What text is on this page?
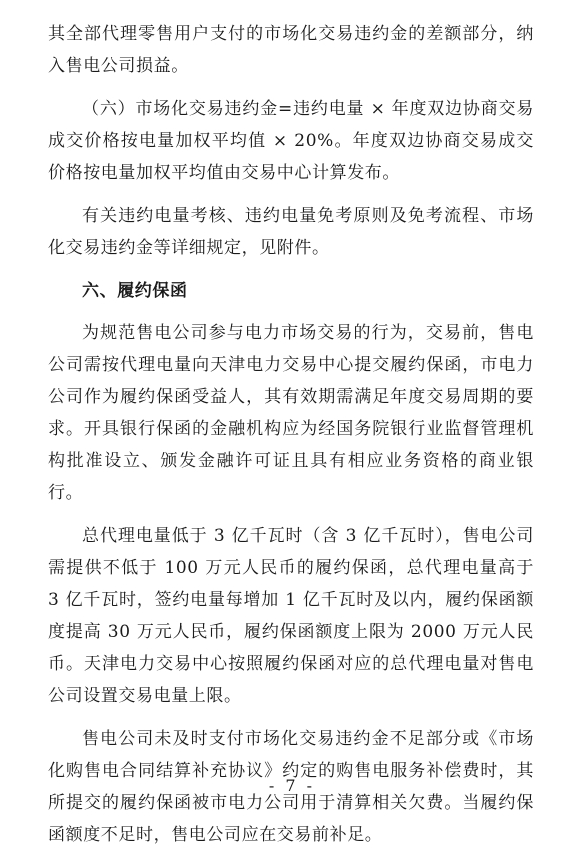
其全部代理零售用户支付的市场化交易违约金的差额部分，纳入售电公司损益。

（六）市场化交易违约金=违约电量 × 年度双边协商交易成交价格按电量加权平均值 × 20%。年度双边协商交易成交价格按电量加权平均值由交易中心计算发布。

有关违约电量考核、违约电量免考原则及免考流程、市场化交易违约金等详细规定，见附件。

六、履约保函

为规范售电公司参与电力市场交易的行为，交易前，售电公司需按代理电量向天津电力交易中心提交履约保函，市电力公司作为履约保函受益人，其有效期需满足年度交易周期的要求。开具银行保函的金融机构应为经国务院银行业监督管理机构批准设立、颁发金融许可证且具有相应业务资格的商业银行。

总代理电量低于 3 亿千瓦时（含 3 亿千瓦时），售电公司需提供不低于 100 万元人民币的履约保函，总代理电量高于 3 亿千瓦时，签约电量每增加 1 亿千瓦时及以内，履约保函额度提高 30 万元人民币，履约保函额度上限为 2000 万元人民币。天津电力交易中心按照履约保函对应的总代理电量对售电公司设置交易电量上限。

售电公司未及时支付市场化交易违约金不足部分或《市场化购售电合同结算补充协议》约定的购售电服务补偿费时，其所提交的履约保函被市电力公司用于清算相关欠费。当履约保函额度不足时，售电公司应在交易前补足。

- 7 -
